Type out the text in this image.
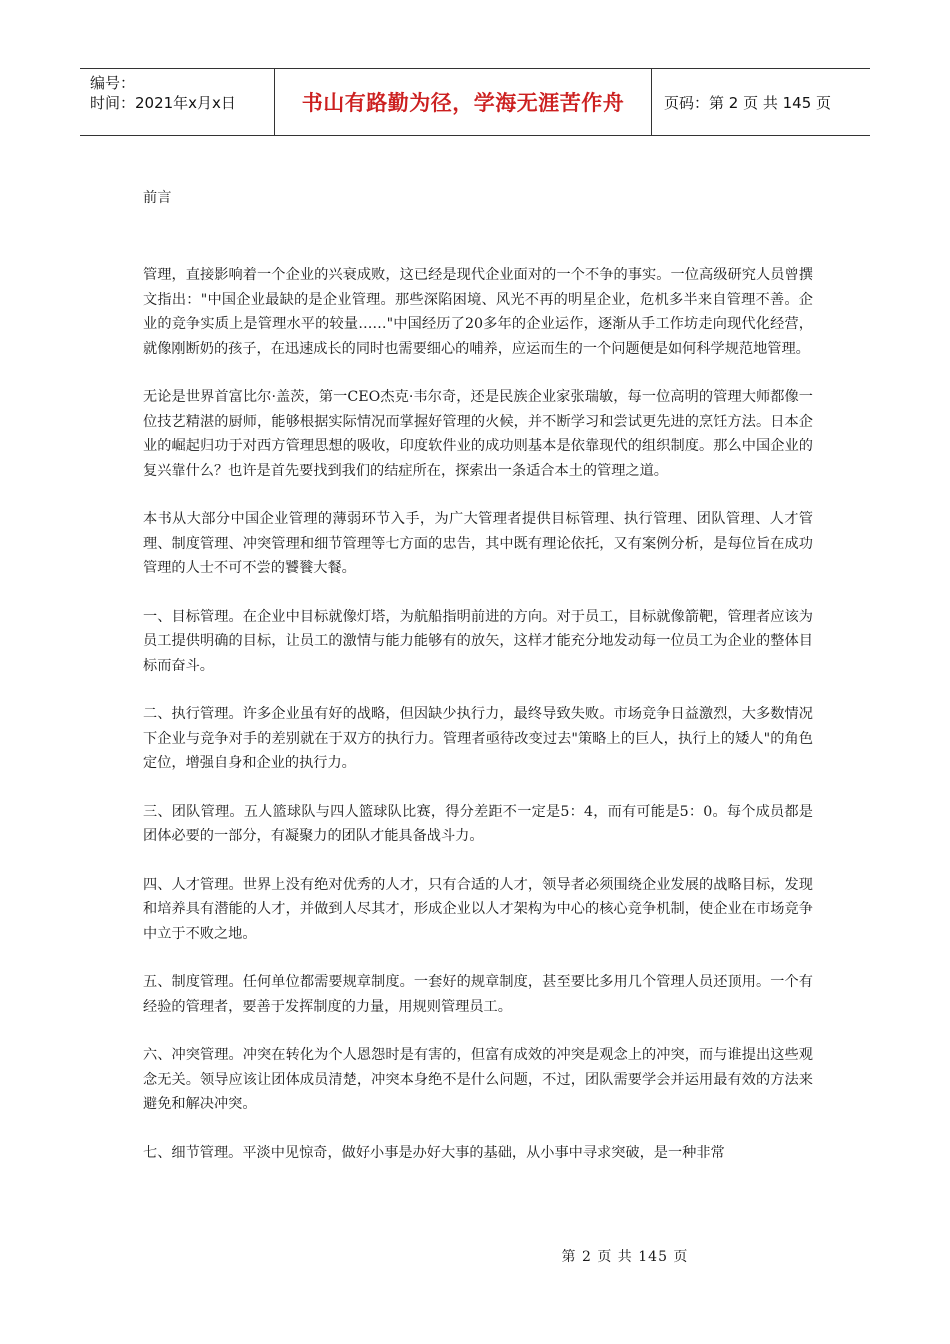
编号：
时间：2021年x月x日	书山有路勤为径，学海无涯苦作舟	页码：第 2 页 共 145 页

前言

管理，直接影响着一个企业的兴衰成败，这已经是现代企业面对的一个不争的事实。一位高级研究人员曾撰文指出："中国企业最缺的是企业管理。那些深陷困境、风光不再的明星企业，危机多半来自管理不善。企业的竞争实质上是管理水平的较量……"中国经历了20多年的企业运作，逐渐从手工作坊走向现代化经营，就像刚断奶的孩子，在迅速成长的同时也需要细心的哺养，应运而生的一个问题便是如何科学规范地管理。

无论是世界首富比尔·盖茨，第一CEO杰克·韦尔奇，还是民族企业家张瑞敏，每一位高明的管理大师都像一位技艺精湛的厨师，能够根据实际情况而掌握好管理的火候，并不断学习和尝试更先进的烹饪方法。日本企业的崛起归功于对西方管理思想的吸收，印度软件业的成功则基本是依靠现代的组织制度。那么中国企业的复兴靠什么？也许是首先要找到我们的结症所在，探索出一条适合本土的管理之道。

本书从大部分中国企业管理的薄弱环节入手，为广大管理者提供目标管理、执行管理、团队管理、人才管理、制度管理、冲突管理和细节管理等七方面的忠告，其中既有理论依托，又有案例分析，是每位旨在成功管理的人士不可不尝的饕餮大餐。

一、目标管理。在企业中目标就像灯塔，为航船指明前进的方向。对于员工，目标就像箭靶，管理者应该为员工提供明确的目标，让员工的激情与能力能够有的放矢，这样才能充分地发动每一位员工为企业的整体目标而奋斗。

二、执行管理。许多企业虽有好的战略，但因缺少执行力，最终导致失败。市场竞争日益激烈，大多数情况下企业与竞争对手的差别就在于双方的执行力。管理者亟待改变过去"策略上的巨人，执行上的矮人"的角色定位，增强自身和企业的执行力。

三、团队管理。五人篮球队与四人篮球队比赛，得分差距不一定是5：4，而有可能是5：0。每个成员都是团体必要的一部分，有凝聚力的团队才能具备战斗力。

四、人才管理。世界上没有绝对优秀的人才，只有合适的人才，领导者必须围绕企业发展的战略目标，发现和培养具有潜能的人才，并做到人尽其才，形成企业以人才架构为中心的核心竞争机制，使企业在市场竞争中立于不败之地。

五、制度管理。任何单位都需要规章制度。一套好的规章制度，甚至要比多用几个管理人员还顶用。一个有经验的管理者，要善于发挥制度的力量，用规则管理员工。

六、冲突管理。冲突在转化为个人恩怨时是有害的，但富有成效的冲突是观念上的冲突，而与谁提出这些观念无关。领导应该让团体成员清楚，冲突本身绝不是什么问题，不过，团队需要学会并运用最有效的方法来避免和解决冲突。

七、细节管理。平淡中见惊奇，做好小事是办好大事的基础，从小事中寻求突破，是一种非常

第 2 页 共 145 页
